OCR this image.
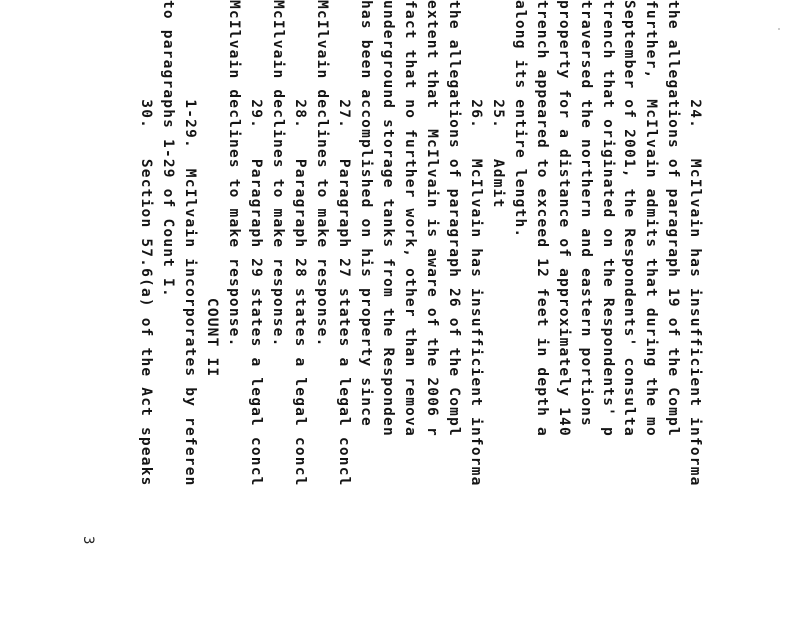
24.   McIlvain has insufficient informa
the allegations of paragraph 19 of the Compl
further,  McIlvain admits that during the mo
September of 2001, the Respondents' consulta
trench that originated on the Respondents' p
traversed the northern and eastern portions
property for a distance of approximately 140
trench appeared to exceed 12 feet in depth a
along its entire length.
25.   Admit
26.   McIlvain has insufficient informa
the allegations of paragraph 26 of the Compl
extent that  McIlvain is aware of the 2006 r
fact that no further work, other than remova
underground storage tanks from the Responden
has been accomplished on his property since
27.   Paragraph 27 states a legal concl
McIlvain declines to make response.
28.   Paragraph 28 states a legal concl
McIlvain declines to make response.
29.   Paragraph 29 states a legal concl
McIlvain declines to make response.
COUNT II
1-29.  McIlvain incorporates by referen
to paragraphs 1-29 of Count I.
30.   Section 57.6(a) of the Act speaks
3
